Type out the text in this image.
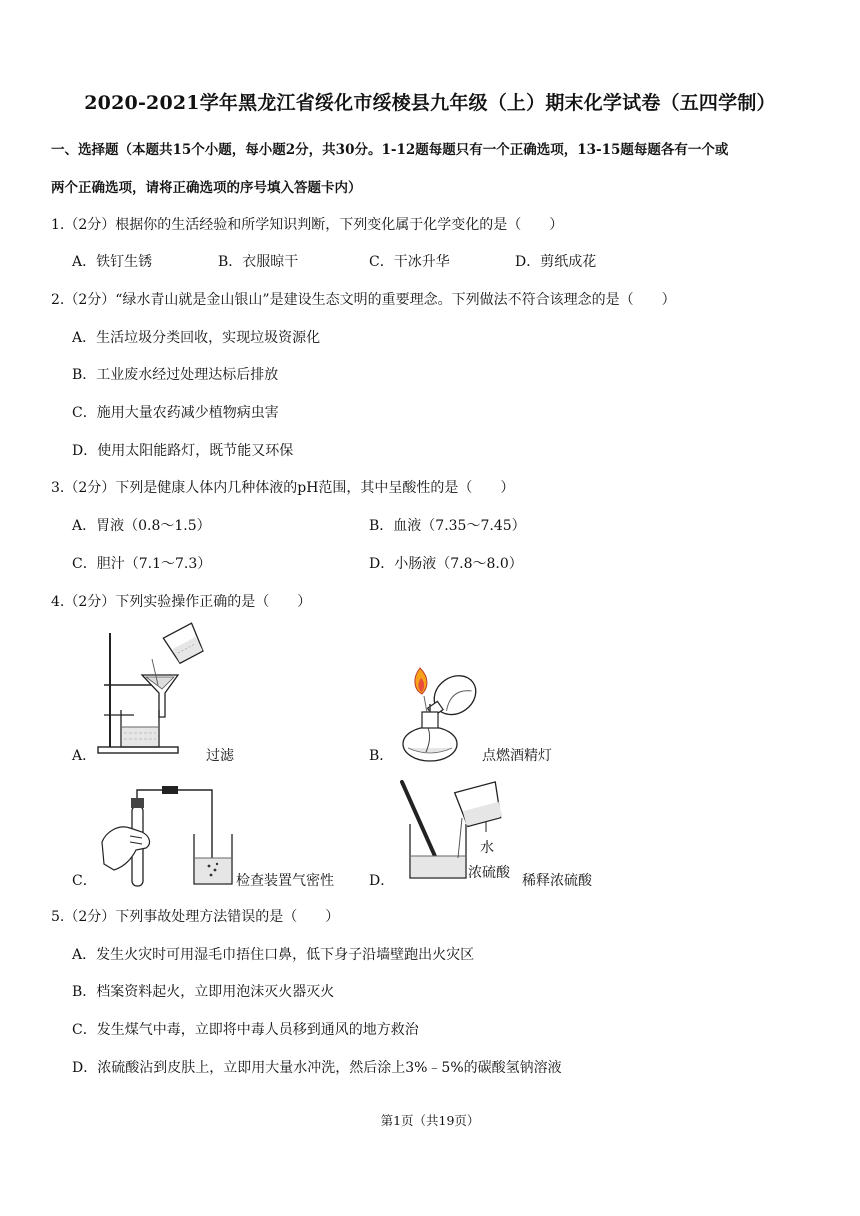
2020-2021学年黑龙江省绥化市绥棱县九年级（上）期末化学试卷（五四学制）
一、选择题（本题共15个小题，每小题2分，共30分。1-12题每题只有一个正确选项，13-15题每题各有一个或
两个正确选项，请将正确选项的序号填入答题卡内）
1.（2分）根据你的生活经验和所学知识判断，下列变化属于化学变化的是（　　）
A．铁钉生锈	B．衣服晾干	C．干冰升华	D．剪纸成花
2.（2分）“绿水青山就是金山银山”是建设生态文明的重要理念。下列做法不符合该理念的是（　　）
A．生活垃圾分类回收，实现垃圾资源化
B．工业废水经过处理达标后排放
C．施用大量农药减少植物病虫害
D．使用太阳能路灯，既节能又环保
3.（2分）下列是健康人体内几种体液的pH范围，其中呈酸性的是（　　）
A．胃液（0.8～1.5）	B．血液（7.35～7.45）
C．胆汁（7.1～7.3）	D．小肠液（7.8～8.0）
4.（2分）下列实验操作正确的是（　　）
A．	过滤	B．	点燃酒精灯
C．	检查装置气密性
水
浓硫酸
D．	稀释浓硫酸
5.（2分）下列事故处理方法错误的是（　　）
A．发生火灾时可用湿毛巾捂住口鼻，低下身子沿墙壁跑出火灾区
B．档案资料起火，立即用泡沫灭火器灭火
C．发生煤气中毒，立即将中毒人员移到通风的地方救治
D．浓硫酸沾到皮肤上，立即用大量水冲洗，然后涂上3%﹣5%的碳酸氢钠溶液
第1页（共19页）
